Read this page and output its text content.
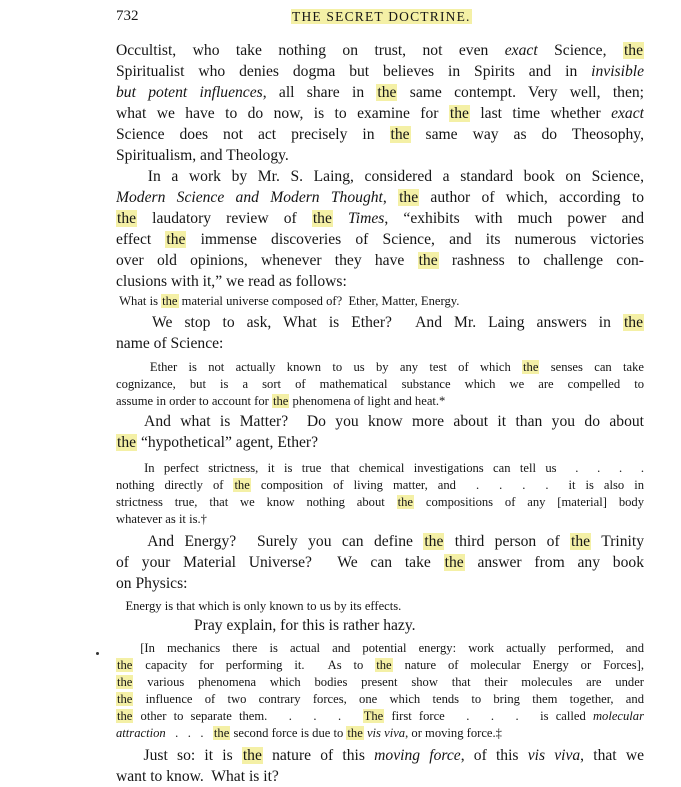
732	THE SECRET DOCTRINE.
Occultist, who take nothing on trust, not even exact Science, the
Spiritualist who denies dogma but believes in Spirits and in invisible
but potent influences, all share in the same contempt. Very well, then;
what we have to do now, is to examine for the last time whether exact
Science does not act precisely in the same way as do Theosophy,
Spiritualism, and Theology.
In a work by Mr. S. Laing, considered a standard book on Science,
Modern Science and Modern Thought, the author of which, according to
the laudatory review of the Times, “exhibits with much power and
effect the immense discoveries of Science, and its numerous victories
over old opinions, whenever they have the rashness to challenge con-
clusions with it,” we read as follows:
What is the material universe composed of?  Ether, Matter, Energy.
We stop to ask, What is Ether?  And Mr. Laing answers in the
name of Science:
Ether is not actually known to us by any test of which the senses can take
cognizance, but is a sort of mathematical substance which we are compelled to
assume in order to account for the phenomena of light and heat.*
And what is Matter?  Do you know more about it than you do about
the “hypothetical” agent, Ether?
In perfect strictness, it is true that chemical investigations can tell us  .  .  .  .
nothing directly of the composition of living matter, and  .  .  .  .  it is also in
strictness true, that we know nothing about the compositions of any [material] body
whatever as it is.†
And Energy?  Surely you can define the third person of the Trinity
of your Material Universe?  We can take the answer from any book
on Physics:
Energy is that which is only known to us by its effects.
Pray explain, for this is rather hazy.
[In mechanics there is actual and potential energy: work actually performed, and
the capacity for performing it.  As to the nature of molecular Energy or Forces],
the various phenomena which bodies present show that their molecules are under
the influence of two contrary forces, one which tends to bring them together, and
the other to separate them.   .   .   .   The first force   .   .   .   is called molecular
attraction   .   .   .   the second force is due to the vis viva, or moving force.‡
Just so: it is the nature of this moving force, of this vis viva, that we
want to know.  What is it?
